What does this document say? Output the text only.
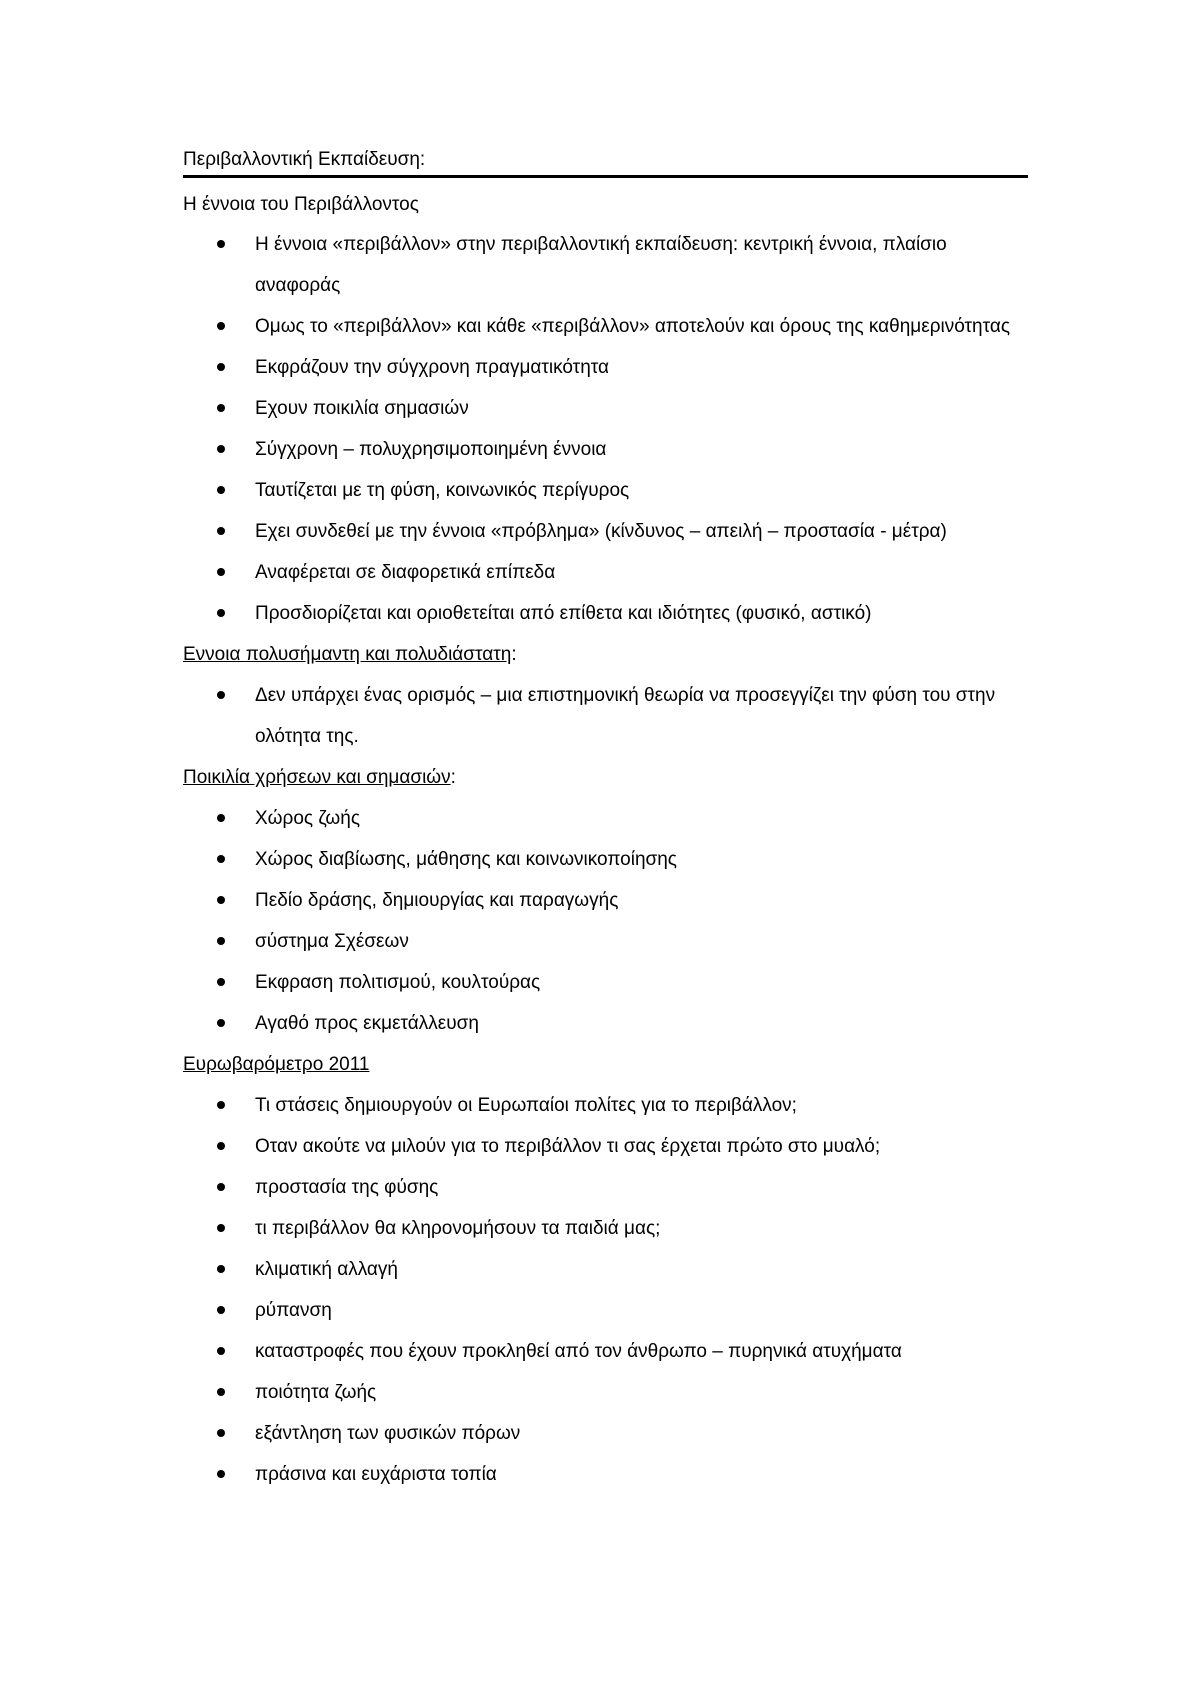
Περιβαλλοντική Εκπαίδευση:
Η έννοια του Περιβάλλοντος
Η έννοια «περιβάλλον» στην περιβαλλοντική εκπαίδευση: κεντρική έννοια, πλαίσιο αναφοράς
Ομως το «περιβάλλον» και κάθε «περιβάλλον» αποτελούν και όρους της καθημερινότητας
Εκφράζουν την σύγχρονη πραγματικότητα
Εχουν ποικιλία σημασιών
Σύγχρονη – πολυχρησιμοποιημένη έννοια
Ταυτίζεται με τη φύση, κοινωνικός περίγυρος
Εχει συνδεθεί με την έννοια «πρόβλημα» (κίνδυνος – απειλή – προστασία - μέτρα)
Αναφέρεται σε διαφορετικά επίπεδα
Προσδιορίζεται και οριοθετείται από επίθετα και ιδιότητες (φυσικό, αστικό)
Εννοια πολυσήμαντη και πολυδιάστατη:
Δεν υπάρχει ένας ορισμός – μια επιστημονική θεωρία να προσεγγίζει την φύση του στην ολότητα της.
Ποικιλία χρήσεων και σημασιών:
Χώρος ζωής
Χώρος διαβίωσης, μάθησης και κοινωνικοποίησης
Πεδίο δράσης, δημιουργίας και παραγωγής
σύστημα Σχέσεων
Εκφραση πολιτισμού, κουλτούρας
Αγαθό προς εκμετάλλευση
Ευρωβαρόμετρο 2011
Τι στάσεις δημιουργούν οι Ευρωπαίοι πολίτες για το περιβάλλον;
Οταν ακούτε να μιλούν για το περιβάλλον τι σας έρχεται πρώτο στο μυαλό;
προστασία της φύσης
τι περιβάλλον θα κληρονομήσουν τα παιδιά μας;
κλιματική αλλαγή
ρύπανση
καταστροφές που έχουν προκληθεί από τον άνθρωπο – πυρηνικά ατυχήματα
ποιότητα ζωής
εξάντληση των φυσικών πόρων
πράσινα και ευχάριστα τοπία
